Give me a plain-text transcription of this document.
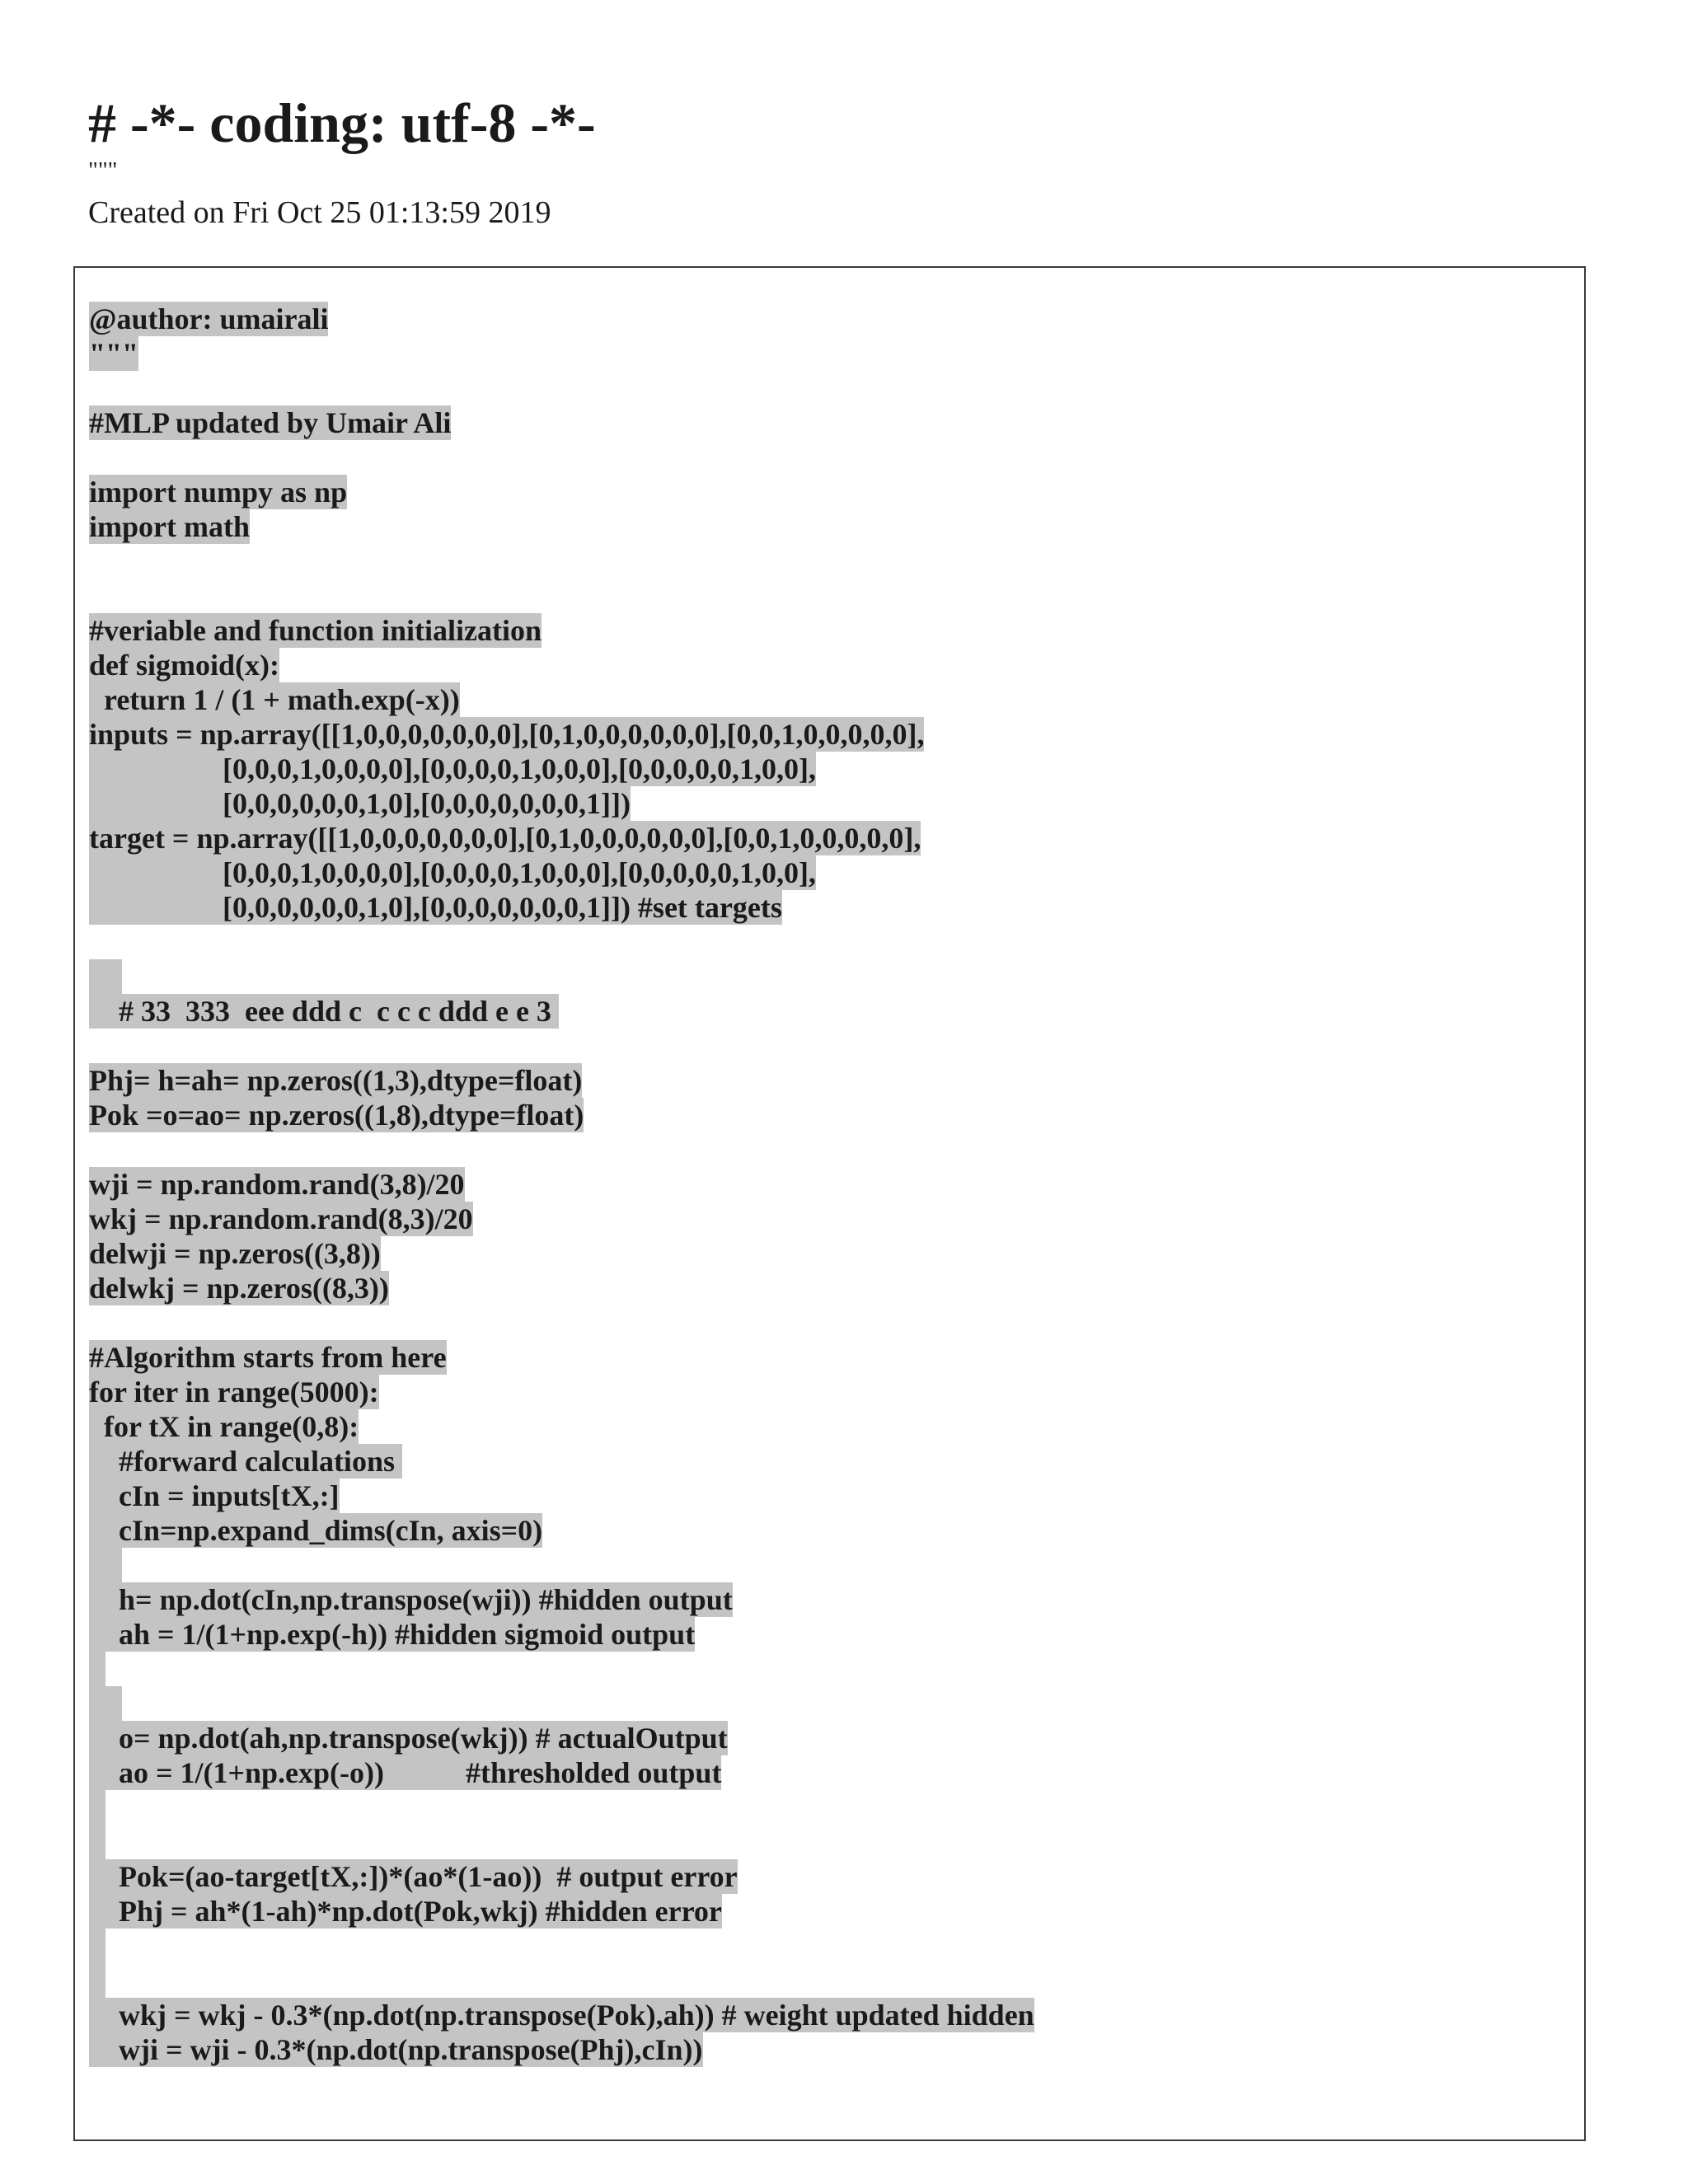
# -*- coding: utf-8 -*-
"""
Created on Fri Oct 25 01:13:59 2019
@author: umairali
"""
#MLP updated by Umair Ali
import numpy as np
import math
#veriable and function initialization
def sigmoid(x):
return 1 / (1 + math.exp(-x))
inputs = np.array([[1,0,0,0,0,0,0,0],[0,1,0,0,0,0,0,0],[0,0,1,0,0,0,0,0],
[0,0,0,1,0,0,0,0],[0,0,0,0,1,0,0,0],[0,0,0,0,0,1,0,0],
[0,0,0,0,0,0,1,0],[0,0,0,0,0,0,0,1]])
target = np.array([[1,0,0,0,0,0,0,0],[0,1,0,0,0,0,0,0],[0,0,1,0,0,0,0,0],
[0,0,0,1,0,0,0,0],[0,0,0,0,1,0,0,0],[0,0,0,0,0,1,0,0],
[0,0,0,0,0,0,1,0],[0,0,0,0,0,0,0,1]]) #set targets
# 33  333  eee ddd c  c c c ddd e e 3
Phj= h=ah= np.zeros((1,3),dtype=float)
Pok =o=ao= np.zeros((1,8),dtype=float)
wji = np.random.rand(3,8)/20
wkj = np.random.rand(8,3)/20
delwji = np.zeros((3,8))
delwkj = np.zeros((8,3))
#Algorithm starts from here
for iter in range(5000):
for tX in range(0,8):
#forward calculations
cIn = inputs[tX,:]
cIn=np.expand_dims(cIn, axis=0)
h= np.dot(cIn,np.transpose(wji)) #hidden output
ah = 1/(1+np.exp(-h)) #hidden sigmoid output
o= np.dot(ah,np.transpose(wkj)) # actualOutput
ao = 1/(1+np.exp(-o))           #thresholded output
Pok=(ao-target[tX,:])*(ao*(1-ao))  # output error
Phj = ah*(1-ah)*np.dot(Pok,wkj) #hidden error
wkj = wkj - 0.3*(np.dot(np.transpose(Pok),ah)) # weight updated hidden
wji = wji - 0.3*(np.dot(np.transpose(Phj),cIn))
